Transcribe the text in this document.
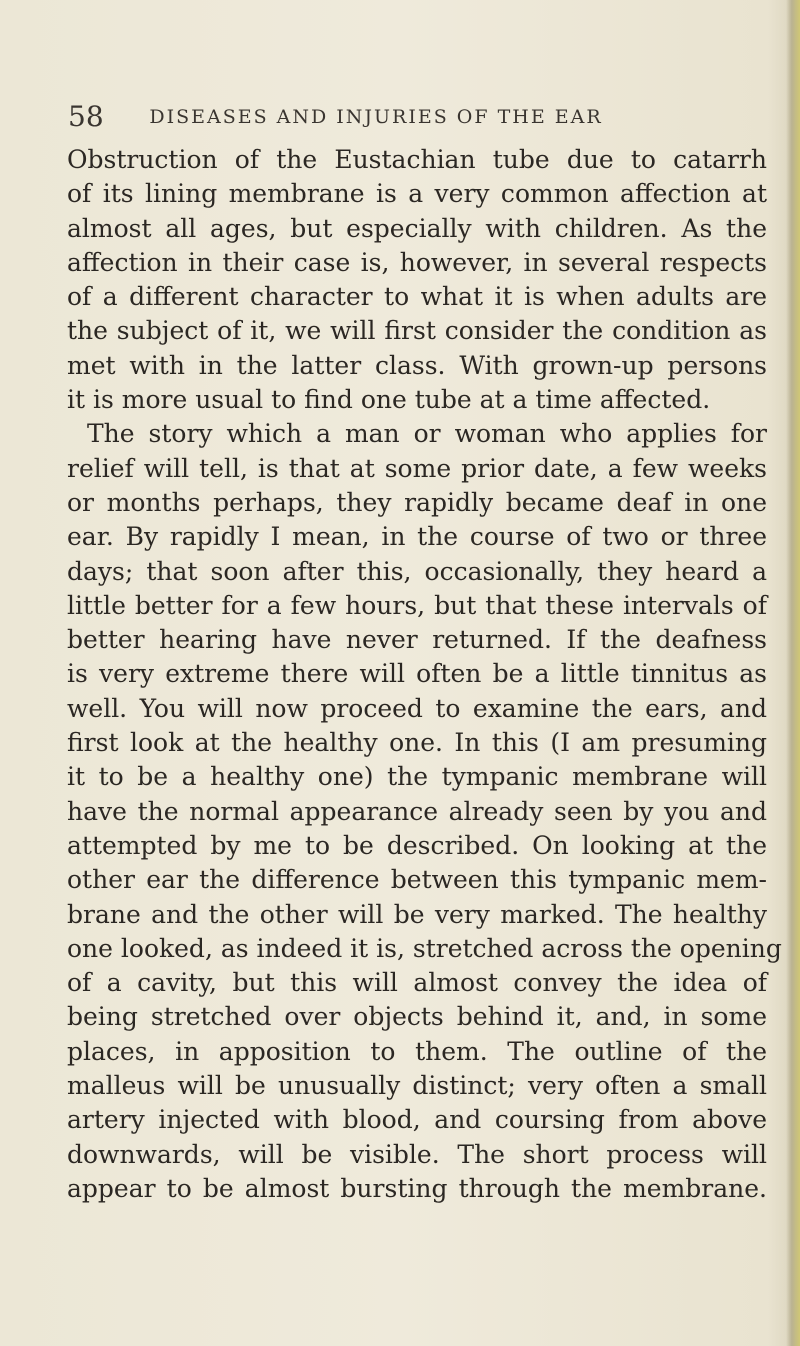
58	DISEASES AND INJURIES OF THE EAR
Obstruction of the Eustachian tube due to catarrh
of its lining membrane is a very common affection at
almost all ages, but especially with children. As the
affection in their case is, however, in several respects
of a different character to what it is when adults are
the subject of it, we will first consider the condition as
met with in the latter class. With grown-up persons
it is more usual to find one tube at a time affected.
The story which a man or woman who applies for
relief will tell, is that at some prior date, a few weeks
or months perhaps, they rapidly became deaf in one
ear. By rapidly I mean, in the course of two or three
days; that soon after this, occasionally, they heard a
little better for a few hours, but that these intervals of
better hearing have never returned. If the deafness
is very extreme there will often be a little tinnitus as
well. You will now proceed to examine the ears, and
first look at the healthy one. In this (I am presuming
it to be a healthy one) the tympanic membrane will
have the normal appearance already seen by you and
attempted by me to be described. On looking at the
other ear the difference between this tympanic mem-
brane and the other will be very marked. The healthy
one looked, as indeed it is, stretched across the opening
of a cavity, but this will almost convey the idea of
being stretched over objects behind it, and, in some
places, in apposition to them. The outline of the
malleus will be unusually distinct; very often a small
artery injected with blood, and coursing from above
downwards, will be visible. The short process will
appear to be almost bursting through the membrane.
